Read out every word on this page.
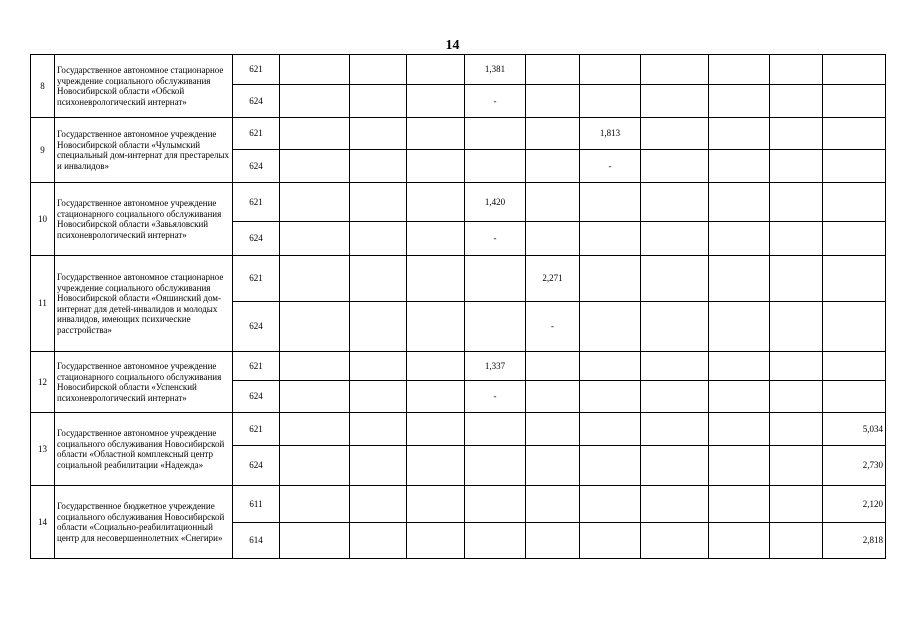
14
8	Государственное автономное стационарное учреждение социального обслуживания Новосибирской области «Обской психоневрологический интернат»	621				1,381						
		624				-						
9	Государственное автономное учреждение Новосибирской области «Чулымский специальный дом-интернат для престарелых и инвалидов»	621						1,813				
		624						-				
10	Государственное автономное учреждение стационарного социального обслуживания Новосибирской области «Завьяловский психоневрологический интернат»	621				1,420						
		624				-						
11	Государственное автономное стационарное учреждение социального обслуживания Новосибирской области «Ояшинский дом-интернат для детей-инвалидов и молодых инвалидов, имеющих психические расстройства»	621					2,271					
		624					-					
12	Государственное автономное учреждение стационарного социального обслуживания Новосибирской области «Успенский психоневрологический интернат»	621				1,337						
		624				-						
13	Государственное автономное учреждение социального обслуживания Новосибирской области «Областной комплексный центр социальной реабилитации «Надежда»	621										5,034
		624										2,730
14	Государственное бюджетное учреждение социального обслуживания Новосибирской области «Социально-реабилитационный центр для несовершеннолетних «Снегири»	611										2,120
		614										2,818
